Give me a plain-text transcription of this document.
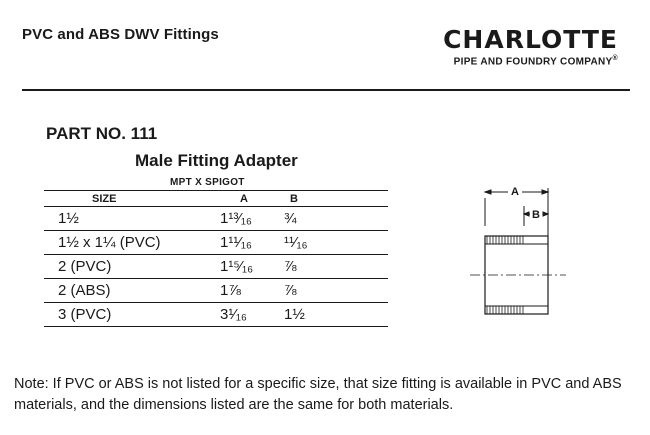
PVC and ABS DWV Fittings	CHARLOTTE
PIPE AND FOUNDRY COMPANY®
PART NO. 111
Male Fitting Adapter
MPT X SPIGOT
SIZE	A	B
1½	1¹³⁄₁₆	¾
1½ x 1¼ (PVC)	1¹¹⁄₁₆	¹¹⁄₁₆
2 (PVC)	1¹⁵⁄₁₆	⅞
2 (ABS)	1⅞	⅞
3 (PVC)	3¹⁄₁₆	1½
A
B
Note: If PVC or ABS is not listed for a specific size, that size fitting is available in PVC and ABS materials, and the dimensions listed are the same for both materials.
